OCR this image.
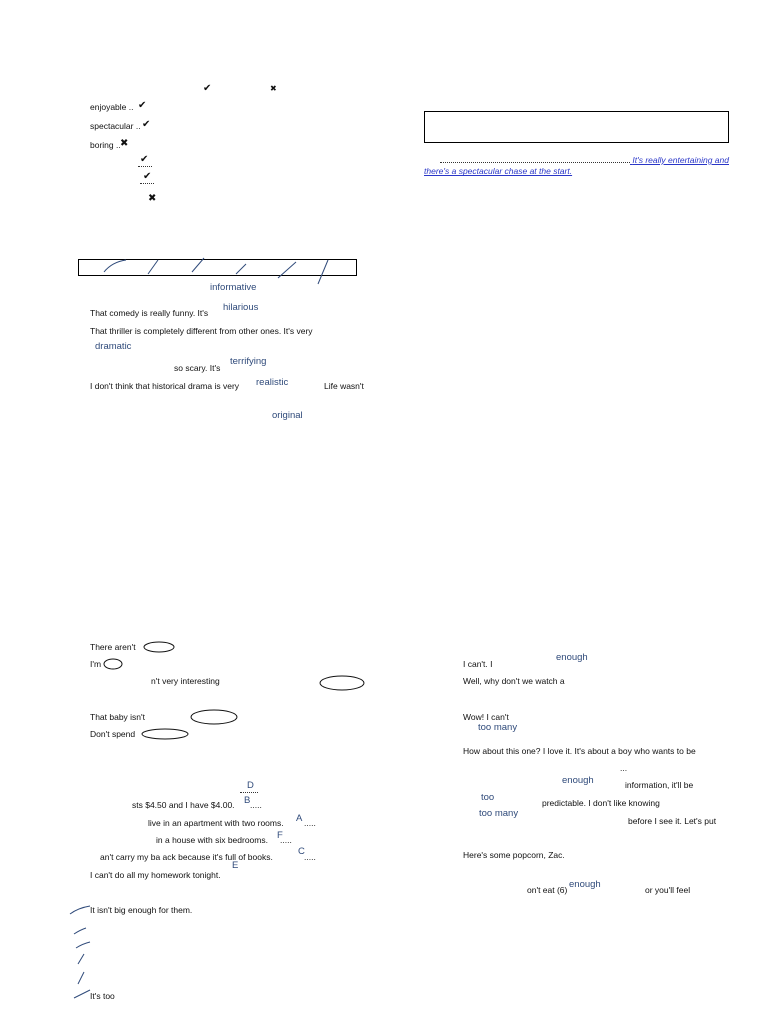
✔	✖
enjoyable .. ✔
spectacular .. ✔
boring .. ✖
✔
✔
✖
It's really entertaining and
there's a spectacular chase at the start.
informative
That comedy is really funny. It's hilarious
That thriller is completely different from other ones. It's very
dramatic
so scary. It's
terrifying
I don't think that historical drama is very realistic	Life wasn't
original
There aren't
I'm
n't very interesting
That baby isn't
Don't spend
D
sts $4.50 and I have $4.00. B .....
live in an apartment with two rooms. A .....
in a house with six bedrooms. F
.....
an't carry my ba ack because it's full of books.	C .....
E
I can't do all my homework tonight.
It isn't big enough for them.
It's too
enough
I can't. I
Well, why don't we watch a
Wow! I can't
too many
How about this one? I love it. It's about a boy who wants to be
...
enough	information, it'll be
too	predictable. I don't like knowing
too many
before I see it. Let's put
Here's some popcorn, Zac.
on't eat (6) enough	or you'll feel
